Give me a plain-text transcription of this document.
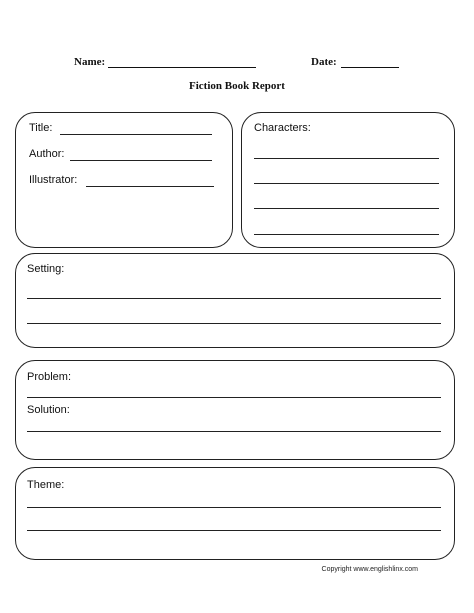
Name:	Date:
Fiction Book Report
Title:
Author:
Illustrator:
Characters:
Setting:
Problem:
Solution:
Theme:
Copyright www.englishlinx.com
